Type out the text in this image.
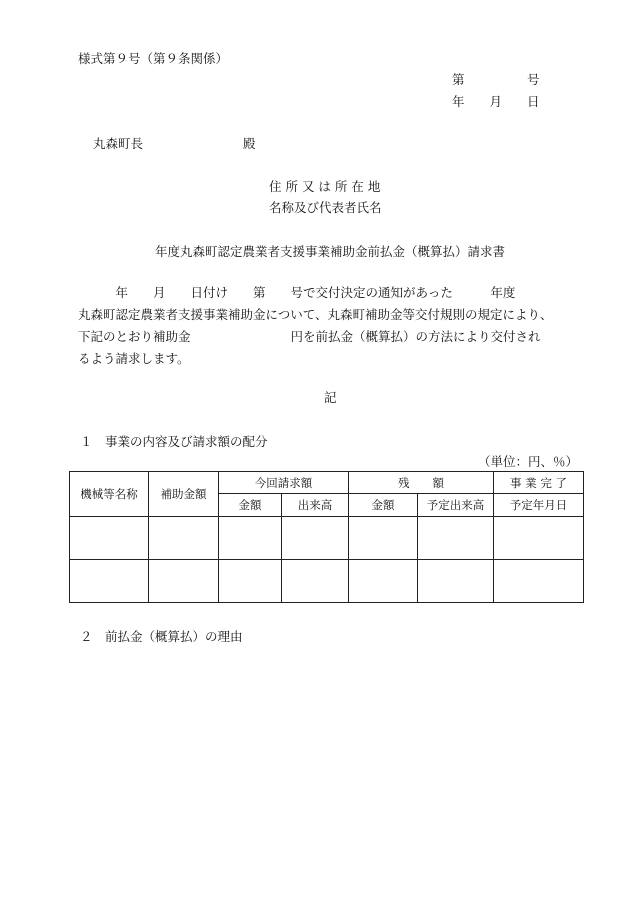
様式第９号（第９条関係）
第　　　　　号
年　　月　　日
丸森町長	殿
住 所 又 は 所 在 地
名称及び代表者氏名
年度丸森町認定農業者支援事業補助金前払金（概算払）請求書
　　　年　　月　　日付け　　第　　号で交付決定の通知があった　　　年度
丸森町認定農業者支援事業補助金について、丸森町補助金等交付規則の規定により、
下記のとおり補助金　　　　　　　　円を前払金（概算払）の方法により交付され
るよう請求します。
記
１　事業の内容及び請求額の配分
（単位：円、％）
機械等名称	補助金額	今回請求額		残　　額		事 業 完 了
		金額	出来高	金額	予定出来高	予定年月日

２　前払金（概算払）の理由
